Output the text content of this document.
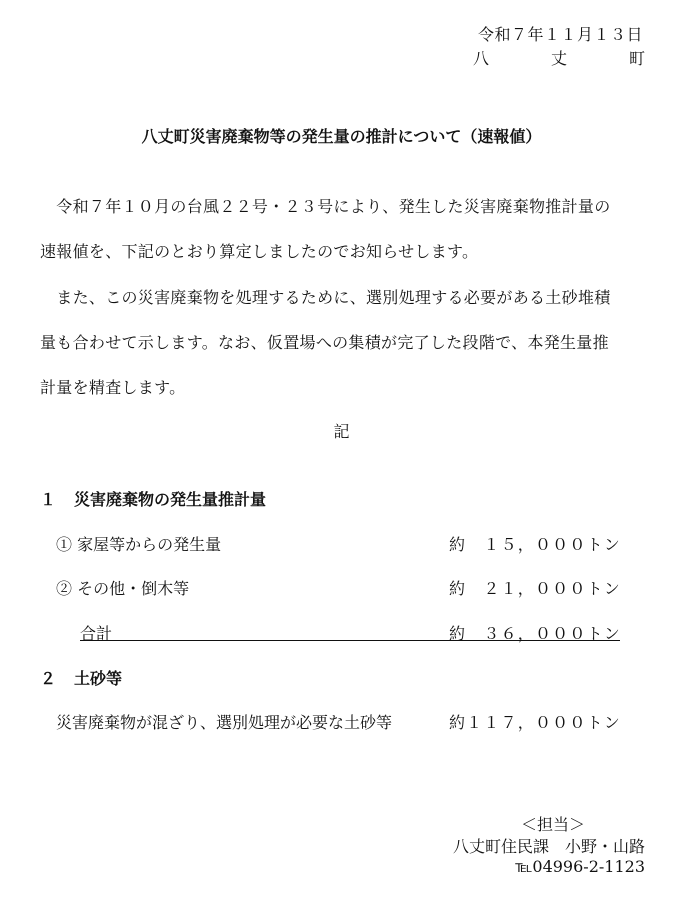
令和７年１１月１３日
八	丈	町
八丈町災害廃棄物等の発生量の推計について（速報値）
　令和７年１０月の台風２２号・２３号により、発生した災害廃棄物推計量の
速報値を、下記のとおり算定しましたのでお知らせします。
　また、この災害廃棄物を処理するために、選別処理する必要がある土砂堆積
量も合わせて示します。なお、仮置場への集積が完了した段階で、本発生量推
計量を精査します。
記
１ 災害廃棄物の発生量推計量
① 家屋等からの発生量	約　１５，０００トン
② その他・倒木等	約　２１，０００トン
合計	約　３６，０００トン
２ 土砂等
災害廃棄物が混ざり、選別処理が必要な土砂等	約１１７，０００トン
＜担当＞
八丈町住民課　小野・山路
℡04996-2-1123
